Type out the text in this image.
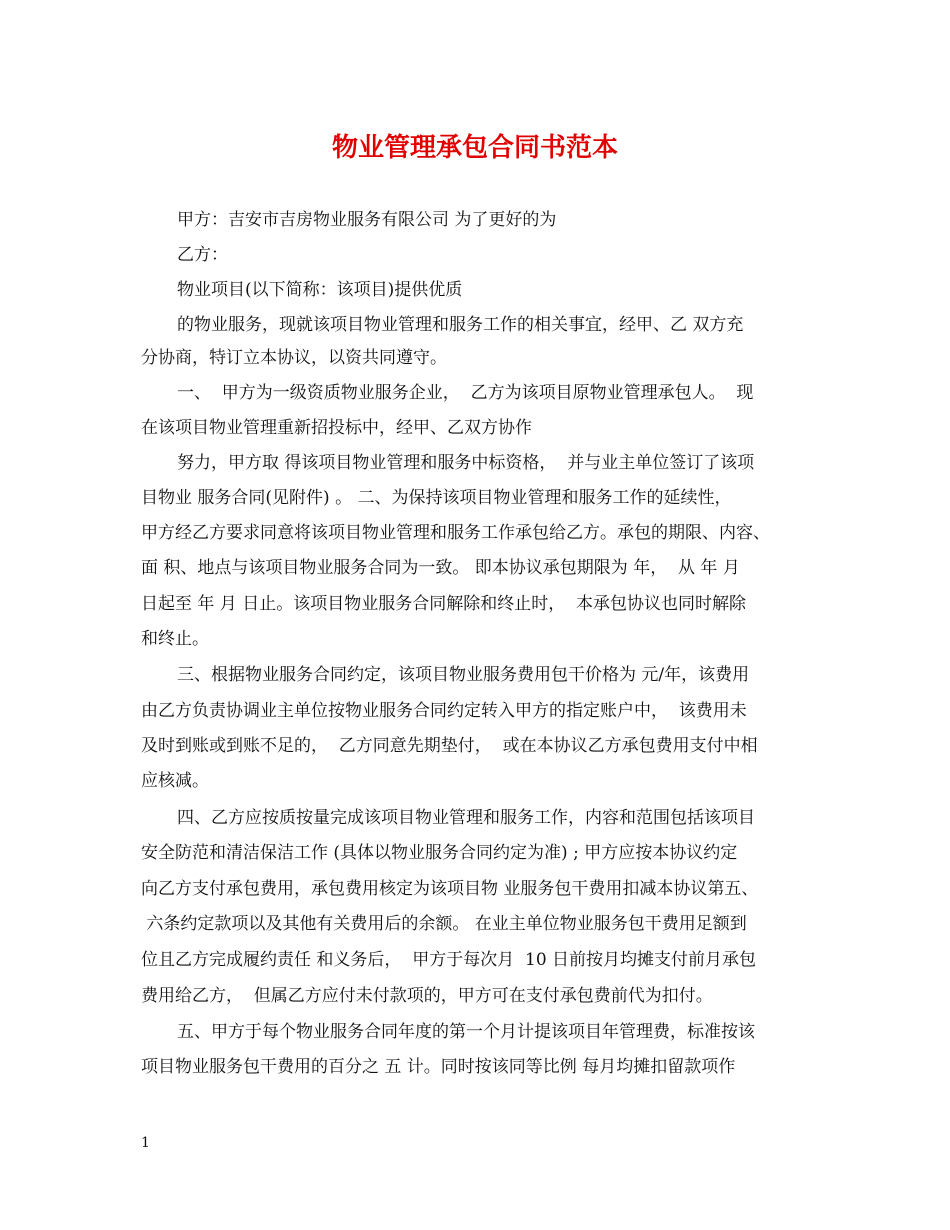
物业管理承包合同书范本

甲方：吉安市吉房物业服务有限公司 为了更好的为

乙方：

物业项目(以下简称：该项目)提供优质

的物业服务，现就该项目物业管理和服务工作的相关事宜，经甲、乙 双方充

分协商，特订立本协议，以资共同遵守。

一、  甲方为一级资质物业服务企业，  乙方为该项目原物业管理承包人。  现

在该项目物业管理重新招投标中，经甲、乙双方协作

努力，甲方取 得该项目物业管理和服务中标资格，  并与业主单位签订了该项

目物业 服务合同(见附件) 。 二、为保持该项目物业管理和服务工作的延续性，

甲方经乙方要求同意将该项目物业管理和服务工作承包给乙方。承包的期限、内容、

面 积、地点与该项目物业服务合同为一致。 即本协议承包期限为 年，  从 年 月

日起至 年 月 日止。该项目物业服务合同解除和终止时，  本承包协议也同时解除

和终止。

三、根据物业服务合同约定，该项目物业服务费用包干价格为 元/年，该费用

由乙方负责协调业主单位按物业服务合同约定转入甲方的指定账户中，  该费用未

及时到账或到账不足的，  乙方同意先期垫付，  或在本协议乙方承包费用支付中相

应核减。

四、乙方应按质按量完成该项目物业管理和服务工作，内容和范围包括该项目

安全防范和清洁保洁工作 (具体以物业服务合同约定为准) ; 甲方应按本协议约定

向乙方支付承包费用，承包费用核定为该项目物 业服务包干费用扣减本协议第五、

六条约定款项以及其他有关费用后的余额。 在业主单位物业服务包干费用足额到

位且乙方完成履约责任 和义务后，  甲方于每次月  10 日前按月均摊支付前月承包

费用给乙方，  但属乙方应付未付款项的，甲方可在支付承包费前代为扣付。

五、甲方于每个物业服务合同年度的第一个月计提该项目年管理费，标准按该

项目物业服务包干费用的百分之 五 计。同时按该同等比例 每月均摊扣留款项作

1
